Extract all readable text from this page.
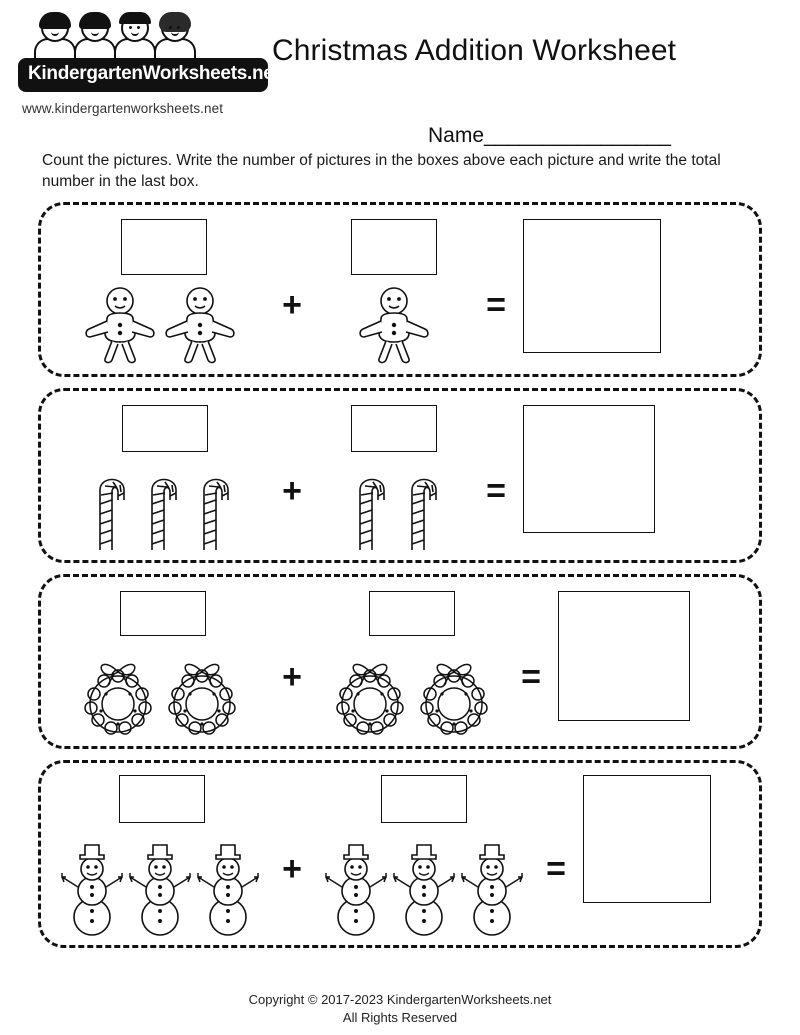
KindergartenWorksheets.net
www.kindergartenworksheets.net
Christmas Addition Worksheet
Name________________
Count the pictures. Write the number of pictures in the boxes above each picture and write the total number in the last box.
+	=
+	=
+	=
+	=
Copyright © 2017-2023 KindergartenWorksheets.net
All Rights Reserved
